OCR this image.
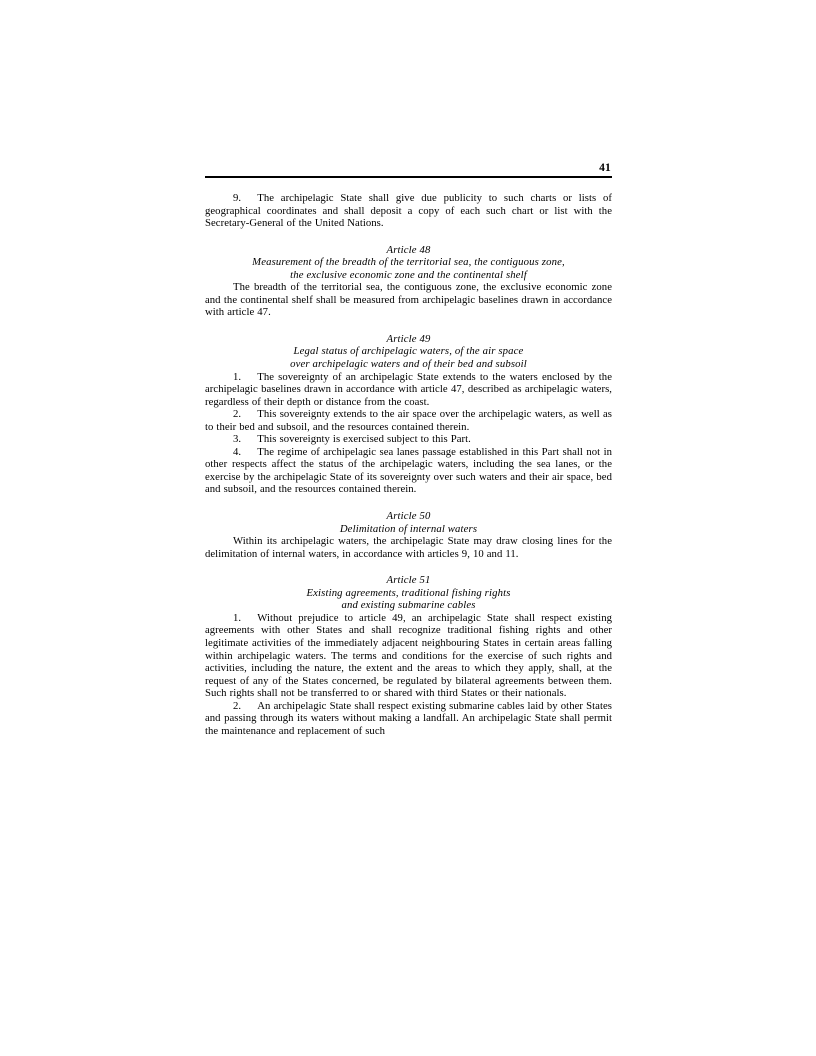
41

9.   The archipelagic State shall give due publicity to such charts or lists of geographical coordinates and shall deposit a copy of each such chart or list with the Secretary-General of the United Nations.

Article 48
Measurement of the breadth of the territorial sea, the contiguous zone,
the exclusive economic zone and the continental shelf

The breadth of the territorial sea, the contiguous zone, the exclusive economic zone and the continental shelf shall be measured from archipelagic baselines drawn in accordance with article 47.

Article 49
Legal status of archipelagic waters, of the air space
over archipelagic waters and of their bed and subsoil

1.   The sovereignty of an archipelagic State extends to the waters enclosed by the archipelagic baselines drawn in accordance with article 47, described as archipelagic waters, regardless of their depth or distance from the coast.

2.   This sovereignty extends to the air space over the archipelagic waters, as well as to their bed and subsoil, and the resources contained therein.

3.   This sovereignty is exercised subject to this Part.

4.   The regime of archipelagic sea lanes passage established in this Part shall not in other respects affect the status of the archipelagic waters, including the sea lanes, or the exercise by the archipelagic State of its sovereignty over such waters and their air space, bed and subsoil, and the resources contained therein.

Article 50
Delimitation of internal waters

Within its archipelagic waters, the archipelagic State may draw closing lines for the delimitation of internal waters, in accordance with articles 9, 10 and 11.

Article 51
Existing agreements, traditional fishing rights
and existing submarine cables

1.   Without prejudice to article 49, an archipelagic State shall respect existing agreements with other States and shall recognize traditional fishing rights and other legitimate activities of the immediately adjacent neighbouring States in certain areas falling within archipelagic waters. The terms and conditions for the exercise of such rights and activities, including the nature, the extent and the areas to which they apply, shall, at the request of any of the States concerned, be regulated by bilateral agreements between them. Such rights shall not be transferred to or shared with third States or their nationals.

2.   An archipelagic State shall respect existing submarine cables laid by other States and passing through its waters without making a landfall. An archipelagic State shall permit the maintenance and replacement of such
